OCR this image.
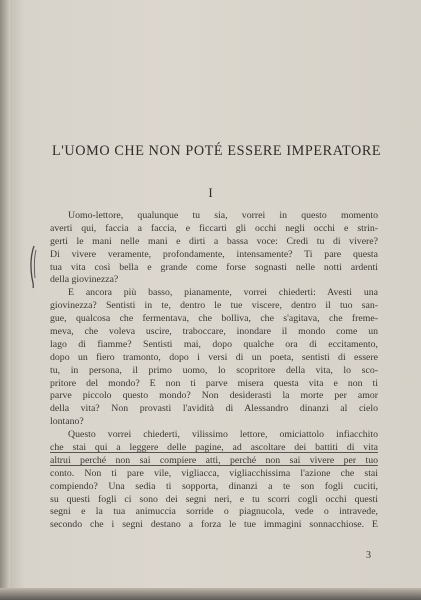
L'UOMO CHE NON POTÉ ESSERE IMPERATORE
I
Uomo-lettore, qualunque tu sia, vorrei in questo momento
averti qui, faccia a faccia, e ficcarti gli occhi negli occhi e strin-
gerti le mani nelle mani e dirti a bassa voce: Credi tu di vivere?
Di vivere veramente, profondamente, intensamente? Ti pare questa
tua vita così bella e grande come forse sognasti nelle notti ardenti
della giovinezza?
E ancora più basso, pianamente, vorrei chiederti: Avesti una
giovinezza? Sentisti in te, dentro le tue viscere, dentro il tuo san-
gue, qualcosa che fermentava, che bolliva, che s'agitava, che freme-
meva, che voleva uscire, traboccare, inondare il mondo come un
lago di fiamme? Sentisti mai, dopo qualche ora di eccitamento,
dopo un fiero tramonto, dopo i versi di un poeta, sentisti di essere
tu, in persona, il primo uomo, lo scopritore della vita, lo sco-
pritore del mondo? E non ti parve misera questa vita e non ti
parve piccolo questo mondo? Non desiderasti la morte per amor
della vita? Non provasti l'avidità di Alessandro dinanzi al cielo
lontano?
Questo vorrei chiederti, vilissimo lettore, omiciattolo infiacchito
che stai qui a leggere delle pagine, ad ascoltare dei battiti di vita
altrui perché non sai compiere atti, perché non sai vivere per tuo
conto. Non ti pare vile, vigliacca, vigliacchissima l'azione che stai
compiendo? Una sedia ti sopporta, dinanzi a te son fogli cuciti,
su questi fogli ci sono dei segni neri, e tu scorri cogli occhi questi
segni e la tua animuccia sorride o piagnucola, vede o intravede,
secondo che i segni destano a forza le tue immagini sonnacchiose. E
3
